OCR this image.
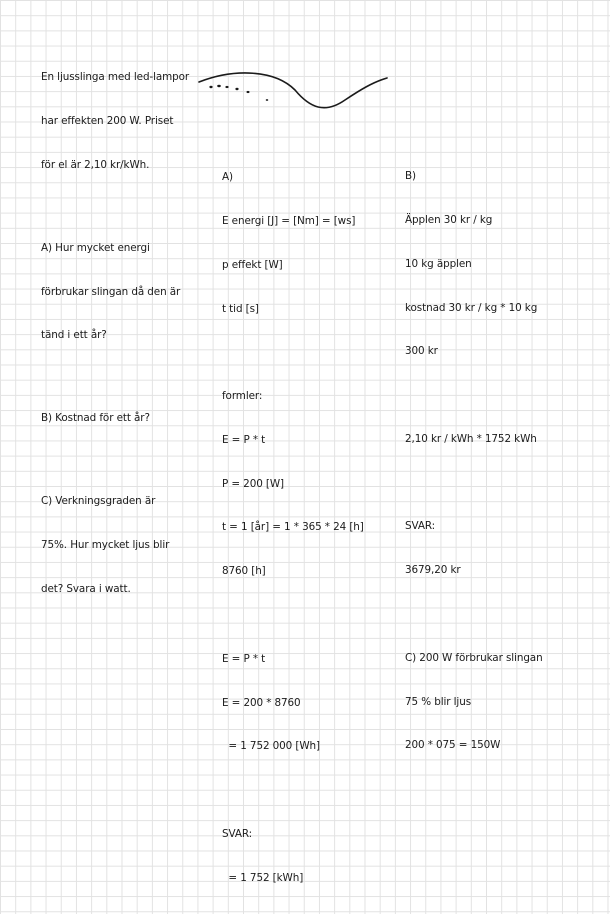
En ljusslinga med led-lampor

har effekten 200 W. Priset

för el är 2,10 kr/kWh.

A) Hur mycket energi

förbrukar slingan då den är

tänd i ett år?

B) Kostnad för ett år?

C) Verkningsgraden är

75%. Hur mycket ljus blir

det? Svara i watt.

A)

E energi [J] = [Nm] = [ws]

p effekt [W]

t tid [s]

formler:

E = P * t

P = 200 [W]

t = 1 [år] = 1 * 365 * 24 [h]

8760 [h]

E = P * t

E = 200 * 8760

= 1 752 000 [Wh]

SVAR:

= 1 752 [kWh]

B)

Äpplen 30 kr / kg

10 kg äpplen

kostnad 30 kr / kg * 10 kg

300 kr

2,10 kr / kWh * 1752 kWh

SVAR:

3679,20 kr

C) 200 W förbrukar slingan

75 % blir ljus

200 * 075 = 150W
